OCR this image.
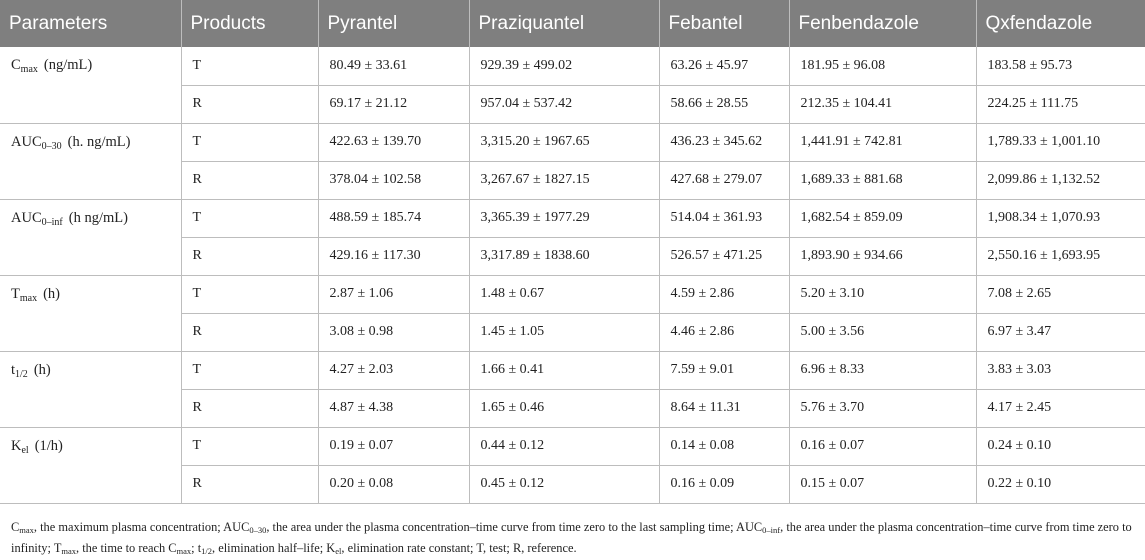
Parameters	Products	Pyrantel	Praziquantel	Febantel	Fenbendazole	Qxfendazole
$C_{max}$ (ng/mL)	T	80.49 ± 33.61	929.39 ± 499.02	63.26 ± 45.97	181.95 ± 96.08	183.58 ± 95.73
	R	69.17 ± 21.12	957.04 ± 537.42	58.66 ± 28.55	212.35 ± 104.41	224.25 ± 111.75
$AUC_{0-30}$ (h. ng/mL)	T	422.63 ± 139.70	3,315.20 ± 1967.65	436.23 ± 345.62	1,441.91 ± 742.81	1,789.33 ± 1,001.10
	R	378.04 ± 102.58	3,267.67 ± 1827.15	427.68 ± 279.07	1,689.33 ± 881.68	2,099.86 ± 1,132.52
$AUC_{0-inf}$ (h ng/mL)	T	488.59 ± 185.74	3,365.39 ± 1977.29	514.04 ± 361.93	1,682.54 ± 859.09	1,908.34 ± 1,070.93
	R	429.16 ± 117.30	3,317.89 ± 1838.60	526.57 ± 471.25	1,893.90 ± 934.66	2,550.16 ± 1,693.95
$T_{max}$ (h)	T	2.87 ± 1.06	1.48 ± 0.67	4.59 ± 2.86	5.20 ± 3.10	7.08 ± 2.65
	R	3.08 ± 0.98	1.45 ± 1.05	4.46 ± 2.86	5.00 ± 3.56	6.97 ± 3.47
$t_{1/2}$ (h)	T	4.27 ± 2.03	1.66 ± 0.41	7.59 ± 9.01	6.96 ± 8.33	3.83 ± 3.03
	R	4.87 ± 4.38	1.65 ± 0.46	8.64 ± 11.31	5.76 ± 3.70	4.17 ± 2.45
$K_{el}$ (1/h)	T	0.19 ± 0.07	0.44 ± 0.12	0.14 ± 0.08	0.16 ± 0.07	0.24 ± 0.10
	R	0.20 ± 0.08	0.45 ± 0.12	0.16 ± 0.09	0.15 ± 0.07	0.22 ± 0.10
$C_{max}$, the maximum plasma concentration; $AUC_{0-30}$, the area under the plasma concentration–time curve from time zero to the last sampling time; $AUC_{0-inf}$, the area under the plasma concentration–time curve from time zero to infinity; $T_{max}$, the time to reach $C_{max}$; $t_{1/2}$, elimination half–life; $K_{el}$, elimination rate constant; T, test; R, reference.
